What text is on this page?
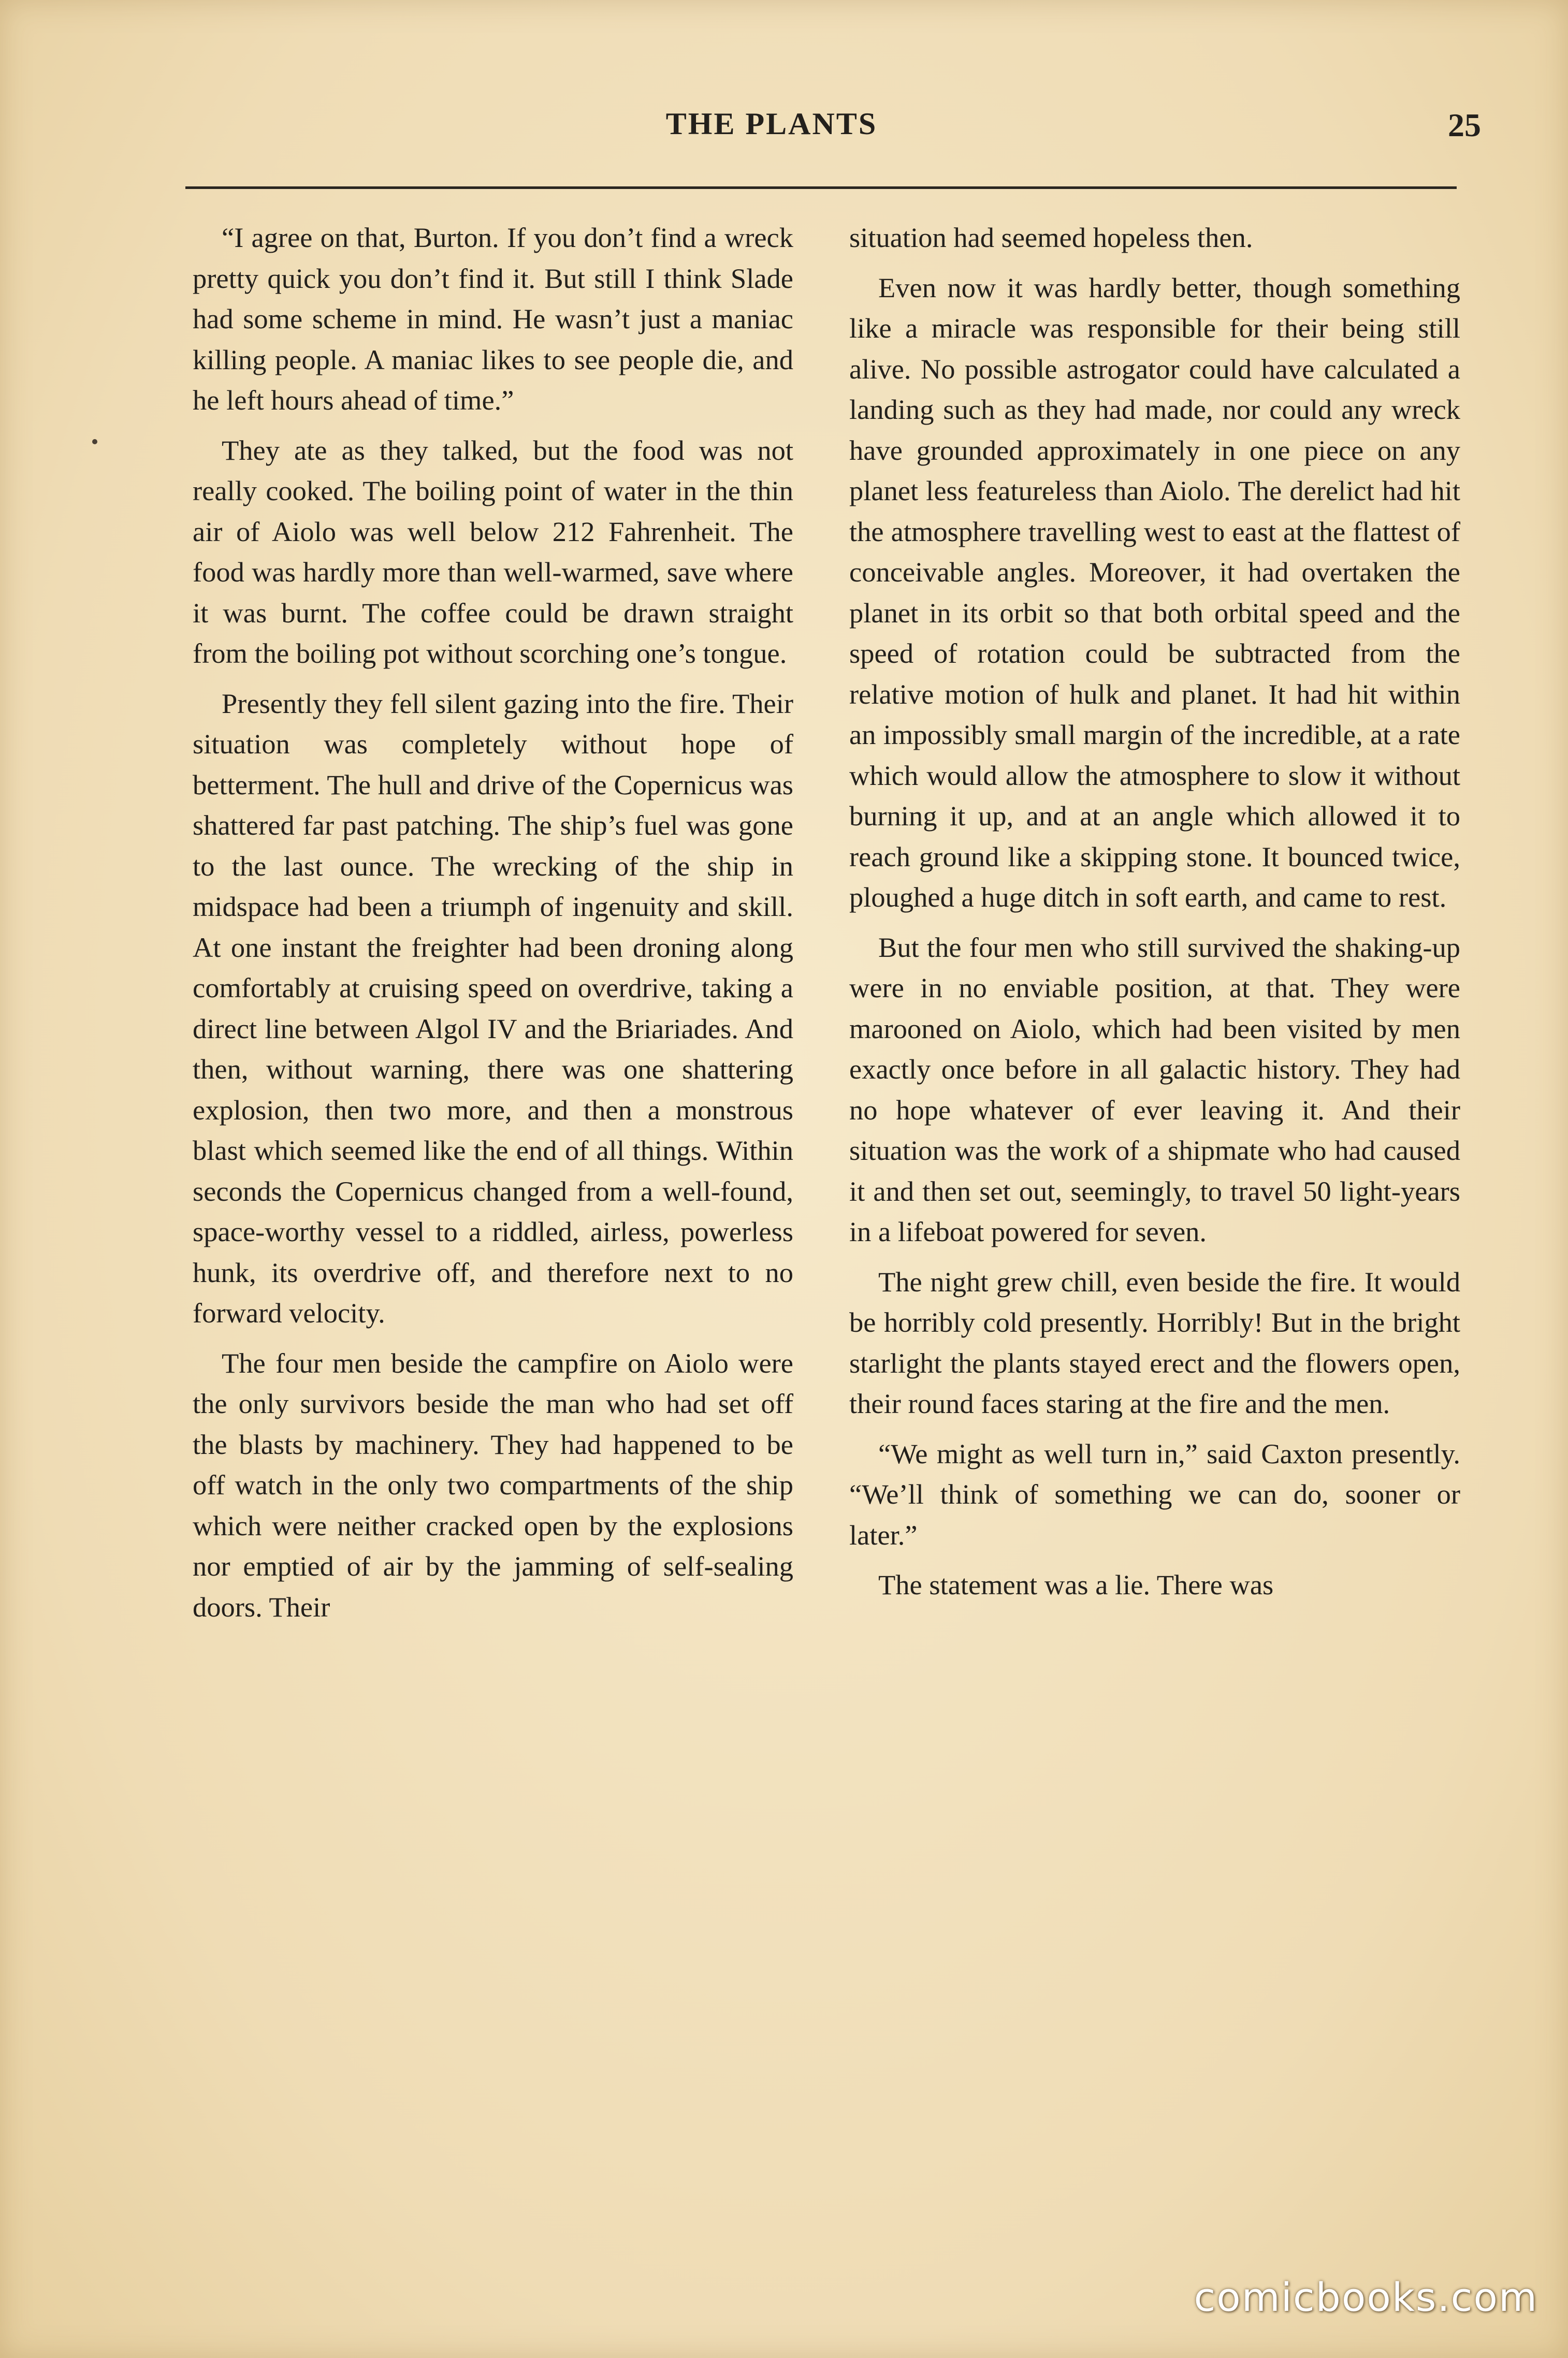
THE PLANTS	25

“I agree on that, Burton. If you don’t find a wreck pretty quick you don’t find it. But still I think Slade had some scheme in mind. He wasn’t just a maniac killing people. A maniac likes to see people die, and he left hours ahead of time.”

They ate as they talked, but the food was not really cooked. The boiling point of water in the thin air of Aiolo was well below 212 Fahrenheit. The food was hardly more than well-warmed, save where it was burnt. The coffee could be drawn straight from the boiling pot without scorching one’s tongue.

Presently they fell silent gazing into the fire. Their situation was completely without hope of betterment. The hull and drive of the Copernicus was shattered far past patching. The ship’s fuel was gone to the last ounce. The wrecking of the ship in midspace had been a triumph of ingenuity and skill. At one instant the freighter had been droning along comfortably at cruising speed on overdrive, taking a direct line between Algol IV and the Briariades. And then, without warning, there was one shattering explosion, then two more, and then a monstrous blast which seemed like the end of all things. Within seconds the Copernicus changed from a well-found, space-worthy vessel to a riddled, airless, powerless hunk, its overdrive off, and therefore next to no forward velocity.

The four men beside the campfire on Aiolo were the only survivors beside the man who had set off the blasts by machinery. They had happened to be off watch in the only two compartments of the ship which were neither cracked open by the explosions nor emptied of air by the jamming of self-sealing doors. Their

situation had seemed hopeless then.

Even now it was hardly better, though something like a miracle was responsible for their being still alive. No possible astrogator could have calculated a landing such as they had made, nor could any wreck have grounded approximately in one piece on any planet less featureless than Aiolo. The derelict had hit the atmosphere travelling west to east at the flattest of conceivable angles. Moreover, it had overtaken the planet in its orbit so that both orbital speed and the speed of rotation could be subtracted from the relative motion of hulk and planet. It had hit within an impossibly small margin of the incredible, at a rate which would allow the atmosphere to slow it without burning it up, and at an angle which allowed it to reach ground like a skipping stone. It bounced twice, ploughed a huge ditch in soft earth, and came to rest.

But the four men who still survived the shaking-up were in no enviable position, at that. They were marooned on Aiolo, which had been visited by men exactly once before in all galactic history. They had no hope whatever of ever leaving it. And their situation was the work of a shipmate who had caused it and then set out, seemingly, to travel 50 light-years in a lifeboat powered for seven.

The night grew chill, even beside the fire. It would be horribly cold presently. Horribly! But in the bright starlight the plants stayed erect and the flowers open, their round faces staring at the fire and the men.

“We might as well turn in,” said Caxton presently. “We’ll think of something we can do, sooner or later.”

The statement was a lie. There was

comicbooks.com
